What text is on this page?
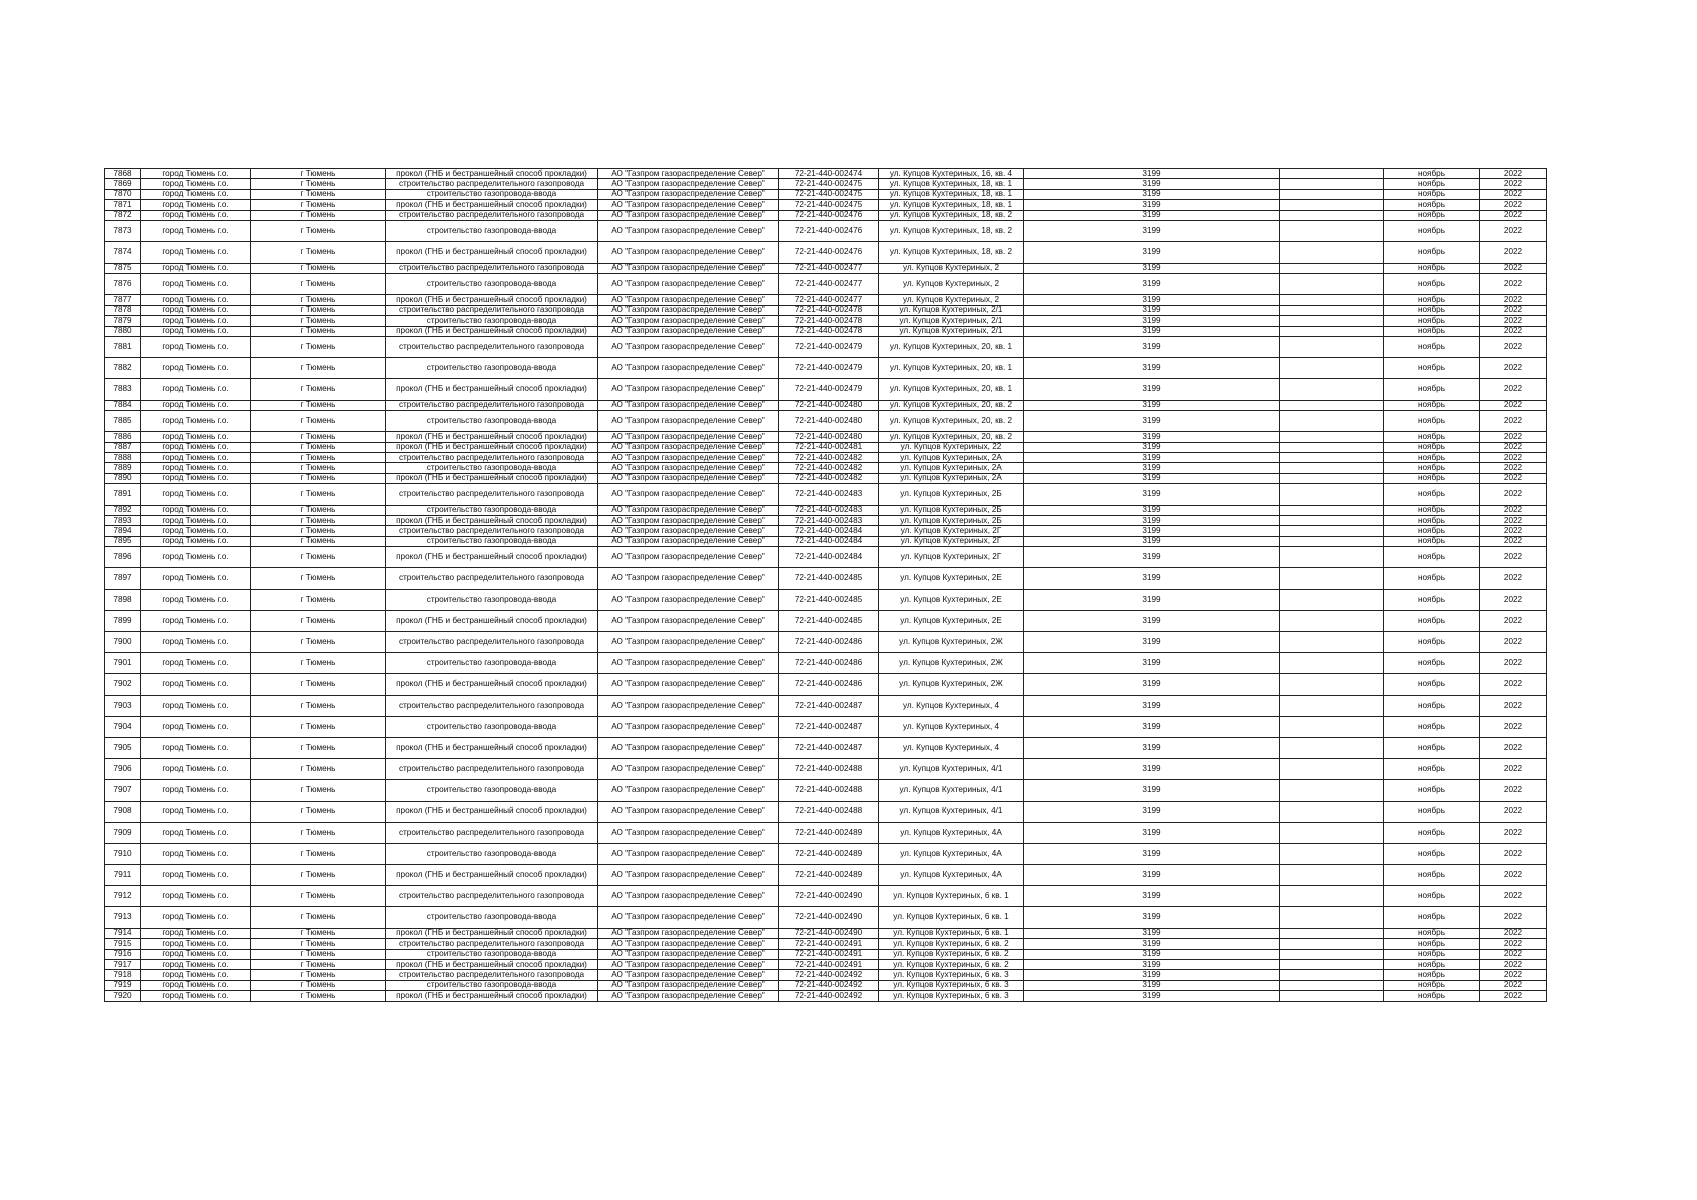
7868	город Тюмень г.о.	г Тюмень	прокол (ГНБ и бестраншейный способ прокладки)	АО "Газпром газораспределение Север"	72-21-440-002474	ул. Купцов Кухтериных, 16, кв. 4	3199		ноябрь	2022
7869	город Тюмень г.о.	г Тюмень	строительство распределительного газопровода	АО "Газпром газораспределение Север"	72-21-440-002475	ул. Купцов Кухтериных, 18, кв. 1	3199		ноябрь	2022
7870	город Тюмень г.о.	г Тюмень	строительство газопровода-ввода	АО "Газпром газораспределение Север"	72-21-440-002475	ул. Купцов Кухтериных, 18, кв. 1	3199		ноябрь	2022
7871	город Тюмень г.о.	г Тюмень	прокол (ГНБ и бестраншейный способ прокладки)	АО "Газпром газораспределение Север"	72-21-440-002475	ул. Купцов Кухтериных, 18, кв. 1	3199		ноябрь	2022
7872	город Тюмень г.о.	г Тюмень	строительство распределительного газопровода	АО "Газпром газораспределение Север"	72-21-440-002476	ул. Купцов Кухтериных, 18, кв. 2	3199		ноябрь	2022
7873	город Тюмень г.о.	г Тюмень	строительство газопровода-ввода	АО "Газпром газораспределение Север"	72-21-440-002476	ул. Купцов Кухтериных, 18, кв. 2	3199		ноябрь	2022
7874	город Тюмень г.о.	г Тюмень	прокол (ГНБ и бестраншейный способ прокладки)	АО "Газпром газораспределение Север"	72-21-440-002476	ул. Купцов Кухтериных, 18, кв. 2	3199		ноябрь	2022
7875	город Тюмень г.о.	г Тюмень	строительство распределительного газопровода	АО "Газпром газораспределение Север"	72-21-440-002477	ул. Купцов Кухтериных, 2	3199		ноябрь	2022
7876	город Тюмень г.о.	г Тюмень	строительство газопровода-ввода	АО "Газпром газораспределение Север"	72-21-440-002477	ул. Купцов Кухтериных, 2	3199		ноябрь	2022
7877	город Тюмень г.о.	г Тюмень	прокол (ГНБ и бестраншейный способ прокладки)	АО "Газпром газораспределение Север"	72-21-440-002477	ул. Купцов Кухтериных, 2	3199		ноябрь	2022
7878	город Тюмень г.о.	г Тюмень	строительство распределительного газопровода	АО "Газпром газораспределение Север"	72-21-440-002478	ул. Купцов Кухтериных, 2/1	3199		ноябрь	2022
7879	город Тюмень г.о.	г Тюмень	строительство газопровода-ввода	АО "Газпром газораспределение Север"	72-21-440-002478	ул. Купцов Кухтериных, 2/1	3199		ноябрь	2022
7880	город Тюмень г.о.	г Тюмень	прокол (ГНБ и бестраншейный способ прокладки)	АО "Газпром газораспределение Север"	72-21-440-002478	ул. Купцов Кухтериных, 2/1	3199		ноябрь	2022
7881	город Тюмень г.о.	г Тюмень	строительство распределительного газопровода	АО "Газпром газораспределение Север"	72-21-440-002479	ул. Купцов Кухтериных, 20, кв. 1	3199		ноябрь	2022
7882	город Тюмень г.о.	г Тюмень	строительство газопровода-ввода	АО "Газпром газораспределение Север"	72-21-440-002479	ул. Купцов Кухтериных, 20, кв. 1	3199		ноябрь	2022
7883	город Тюмень г.о.	г Тюмень	прокол (ГНБ и бестраншейный способ прокладки)	АО "Газпром газораспределение Север"	72-21-440-002479	ул. Купцов Кухтериных, 20, кв. 1	3199		ноябрь	2022
7884	город Тюмень г.о.	г Тюмень	строительство распределительного газопровода	АО "Газпром газораспределение Север"	72-21-440-002480	ул. Купцов Кухтериных, 20, кв. 2	3199		ноябрь	2022
7885	город Тюмень г.о.	г Тюмень	строительство газопровода-ввода	АО "Газпром газораспределение Север"	72-21-440-002480	ул. Купцов Кухтериных, 20, кв. 2	3199		ноябрь	2022
7886	город Тюмень г.о.	г Тюмень	прокол (ГНБ и бестраншейный способ прокладки)	АО "Газпром газораспределение Север"	72-21-440-002480	ул. Купцов Кухтериных, 20, кв. 2	3199		ноябрь	2022
7887	город Тюмень г.о.	г Тюмень	прокол (ГНБ и бестраншейный способ прокладки)	АО "Газпром газораспределение Север"	72-21-440-002481	ул. Купцов Кухтериных, 22	3199		ноябрь	2022
7888	город Тюмень г.о.	г Тюмень	строительство распределительного газопровода	АО "Газпром газораспределение Север"	72-21-440-002482	ул. Купцов Кухтериных, 2А	3199		ноябрь	2022
7889	город Тюмень г.о.	г Тюмень	строительство газопровода-ввода	АО "Газпром газораспределение Север"	72-21-440-002482	ул. Купцов Кухтериных, 2А	3199		ноябрь	2022
7890	город Тюмень г.о.	г Тюмень	прокол (ГНБ и бестраншейный способ прокладки)	АО "Газпром газораспределение Север"	72-21-440-002482	ул. Купцов Кухтериных, 2А	3199		ноябрь	2022
7891	город Тюмень г.о.	г Тюмень	строительство распределительного газопровода	АО "Газпром газораспределение Север"	72-21-440-002483	ул. Купцов Кухтериных, 2Б	3199		ноябрь	2022
7892	город Тюмень г.о.	г Тюмень	строительство газопровода-ввода	АО "Газпром газораспределение Север"	72-21-440-002483	ул. Купцов Кухтериных, 2Б	3199		ноябрь	2022
7893	город Тюмень г.о.	г Тюмень	прокол (ГНБ и бестраншейный способ прокладки)	АО "Газпром газораспределение Север"	72-21-440-002483	ул. Купцов Кухтериных, 2Б	3199		ноябрь	2022
7894	город Тюмень г.о.	г Тюмень	строительство распределительного газопровода	АО "Газпром газораспределение Север"	72-21-440-002484	ул. Купцов Кухтериных, 2Г	3199		ноябрь	2022
7895	город Тюмень г.о.	г Тюмень	строительство газопровода-ввода	АО "Газпром газораспределение Север"	72-21-440-002484	ул. Купцов Кухтериных, 2Г	3199		ноябрь	2022
7896	город Тюмень г.о.	г Тюмень	прокол (ГНБ и бестраншейный способ прокладки)	АО "Газпром газораспределение Север"	72-21-440-002484	ул. Купцов Кухтериных, 2Г	3199		ноябрь	2022
7897	город Тюмень г.о.	г Тюмень	строительство распределительного газопровода	АО "Газпром газораспределение Север"	72-21-440-002485	ул. Купцов Кухтериных, 2Е	3199		ноябрь	2022
7898	город Тюмень г.о.	г Тюмень	строительство газопровода-ввода	АО "Газпром газораспределение Север"	72-21-440-002485	ул. Купцов Кухтериных, 2Е	3199		ноябрь	2022
7899	город Тюмень г.о.	г Тюмень	прокол (ГНБ и бестраншейный способ прокладки)	АО "Газпром газораспределение Север"	72-21-440-002485	ул. Купцов Кухтериных, 2Е	3199		ноябрь	2022
7900	город Тюмень г.о.	г Тюмень	строительство распределительного газопровода	АО "Газпром газораспределение Север"	72-21-440-002486	ул. Купцов Кухтериных, 2Ж	3199		ноябрь	2022
7901	город Тюмень г.о.	г Тюмень	строительство газопровода-ввода	АО "Газпром газораспределение Север"	72-21-440-002486	ул. Купцов Кухтериных, 2Ж	3199		ноябрь	2022
7902	город Тюмень г.о.	г Тюмень	прокол (ГНБ и бестраншейный способ прокладки)	АО "Газпром газораспределение Север"	72-21-440-002486	ул. Купцов Кухтериных, 2Ж	3199		ноябрь	2022
7903	город Тюмень г.о.	г Тюмень	строительство распределительного газопровода	АО "Газпром газораспределение Север"	72-21-440-002487	ул. Купцов Кухтериных, 4	3199		ноябрь	2022
7904	город Тюмень г.о.	г Тюмень	строительство газопровода-ввода	АО "Газпром газораспределение Север"	72-21-440-002487	ул. Купцов Кухтериных, 4	3199		ноябрь	2022
7905	город Тюмень г.о.	г Тюмень	прокол (ГНБ и бестраншейный способ прокладки)	АО "Газпром газораспределение Север"	72-21-440-002487	ул. Купцов Кухтериных, 4	3199		ноябрь	2022
7906	город Тюмень г.о.	г Тюмень	строительство распределительного газопровода	АО "Газпром газораспределение Север"	72-21-440-002488	ул. Купцов Кухтериных, 4/1	3199		ноябрь	2022
7907	город Тюмень г.о.	г Тюмень	строительство газопровода-ввода	АО "Газпром газораспределение Север"	72-21-440-002488	ул. Купцов Кухтериных, 4/1	3199		ноябрь	2022
7908	город Тюмень г.о.	г Тюмень	прокол (ГНБ и бестраншейный способ прокладки)	АО "Газпром газораспределение Север"	72-21-440-002488	ул. Купцов Кухтериных, 4/1	3199		ноябрь	2022
7909	город Тюмень г.о.	г Тюмень	строительство распределительного газопровода	АО "Газпром газораспределение Север"	72-21-440-002489	ул. Купцов Кухтериных, 4А	3199		ноябрь	2022
7910	город Тюмень г.о.	г Тюмень	строительство газопровода-ввода	АО "Газпром газораспределение Север"	72-21-440-002489	ул. Купцов Кухтериных, 4А	3199		ноябрь	2022
7911	город Тюмень г.о.	г Тюмень	прокол (ГНБ и бестраншейный способ прокладки)	АО "Газпром газораспределение Север"	72-21-440-002489	ул. Купцов Кухтериных, 4А	3199		ноябрь	2022
7912	город Тюмень г.о.	г Тюмень	строительство распределительного газопровода	АО "Газпром газораспределение Север"	72-21-440-002490	ул. Купцов Кухтериных, 6 кв. 1	3199		ноябрь	2022
7913	город Тюмень г.о.	г Тюмень	строительство газопровода-ввода	АО "Газпром газораспределение Север"	72-21-440-002490	ул. Купцов Кухтериных, 6 кв. 1	3199		ноябрь	2022
7914	город Тюмень г.о.	г Тюмень	прокол (ГНБ и бестраншейный способ прокладки)	АО "Газпром газораспределение Север"	72-21-440-002490	ул. Купцов Кухтериных, 6 кв. 1	3199		ноябрь	2022
7915	город Тюмень г.о.	г Тюмень	строительство распределительного газопровода	АО "Газпром газораспределение Север"	72-21-440-002491	ул. Купцов Кухтериных, 6 кв. 2	3199		ноябрь	2022
7916	город Тюмень г.о.	г Тюмень	строительство газопровода-ввода	АО "Газпром газораспределение Север"	72-21-440-002491	ул. Купцов Кухтериных, 6 кв. 2	3199		ноябрь	2022
7917	город Тюмень г.о.	г Тюмень	прокол (ГНБ и бестраншейный способ прокладки)	АО "Газпром газораспределение Север"	72-21-440-002491	ул. Купцов Кухтериных, 6 кв. 2	3199		ноябрь	2022
7918	город Тюмень г.о.	г Тюмень	строительство распределительного газопровода	АО "Газпром газораспределение Север"	72-21-440-002492	ул. Купцов Кухтериных, 6 кв. 3	3199		ноябрь	2022
7919	город Тюмень г.о.	г Тюмень	строительство газопровода-ввода	АО "Газпром газораспределение Север"	72-21-440-002492	ул. Купцов Кухтериных, 6 кв. 3	3199		ноябрь	2022
7920	город Тюмень г.о.	г Тюмень	прокол (ГНБ и бестраншейный способ прокладки)	АО "Газпром газораспределение Север"	72-21-440-002492	ул. Купцов Кухтериных, 6 кв. 3	3199		ноябрь	2022
